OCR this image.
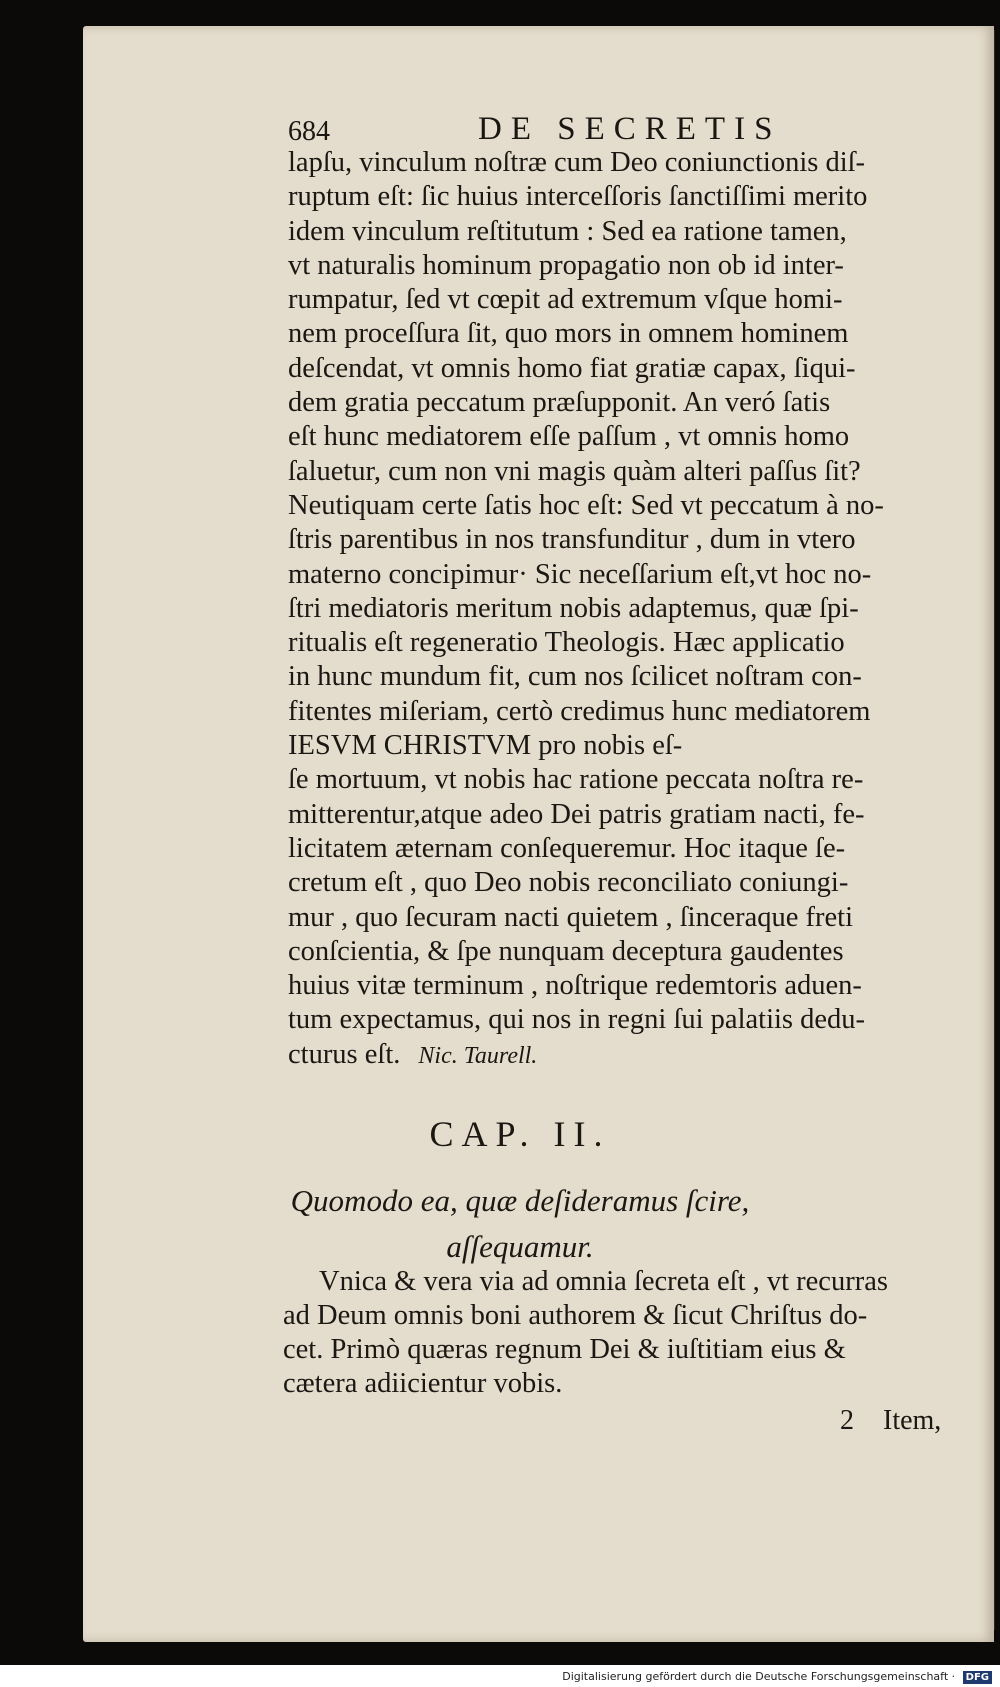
684	DE SECRETIS
lapſu, vinculum noſtræ cum Deo coniunctionis diſ-
ruptum eſt: ſic huius interceſſoris ſanctiſſimi merito
idem vinculum reſtitutum : Sed ea ratione tamen,
vt naturalis hominum propagatio non ob id inter-
rumpatur, ſed vt cœpit ad extremum vſque homi-
nem proceſſura ſit, quo mors in omnem hominem
deſcendat, vt omnis homo fiat gratiæ capax, ſiqui-
dem gratia peccatum præſupponit. An veró ſatis
eſt hunc mediatorem eſſe paſſum , vt omnis homo
ſaluetur, cum non vni magis quàm alteri paſſus ſit?
Neutiquam certe ſatis hoc eſt: Sed vt peccatum à no-
ſtris parentibus in nos transfunditur , dum in vtero
materno concipimur· Sic neceſſarium eſt,vt hoc no-
ſtri mediatoris meritum nobis adaptemus, quæ ſpi-
ritualis eſt regeneratio Theologis. Hæc applicatio
in hunc mundum fit, cum nos ſcilicet noſtram con-
fitentes miſeriam, certò credimus hunc mediatorem
IESVM CHRISTVM pro nobis eſ-
ſe mortuum, vt nobis hac ratione peccata noſtra re-
mitterentur,atque adeo Dei patris gratiam nacti, fe-
licitatem æternam conſequeremur. Hoc itaque ſe-
cretum eſt , quo Deo nobis reconciliato coniungi-
mur , quo ſecuram nacti quietem , ſinceraque freti
conſcientia, & ſpe nunquam deceptura gaudentes
huius vitæ terminum , noſtrique redemtoris aduen-
tum expectamus, qui nos in regni ſui palatiis dedu-
cturus eſt. Nic. Taurell.
CAP. II.
Quomodo ea, quæ deſideramus ſcire,
aſſequamur.
Vnica & vera via ad omnia ſecreta eſt , vt recurras
ad Deum omnis boni authorem & ſicut Chriſtus do-
cet. Primò quæras regnum Dei & iuſtitiam eius &
cætera adiicientur vobis.
2 Item,
Digitalisierung gefördert durch die Deutsche Forschungsgemeinschaft · DFG
